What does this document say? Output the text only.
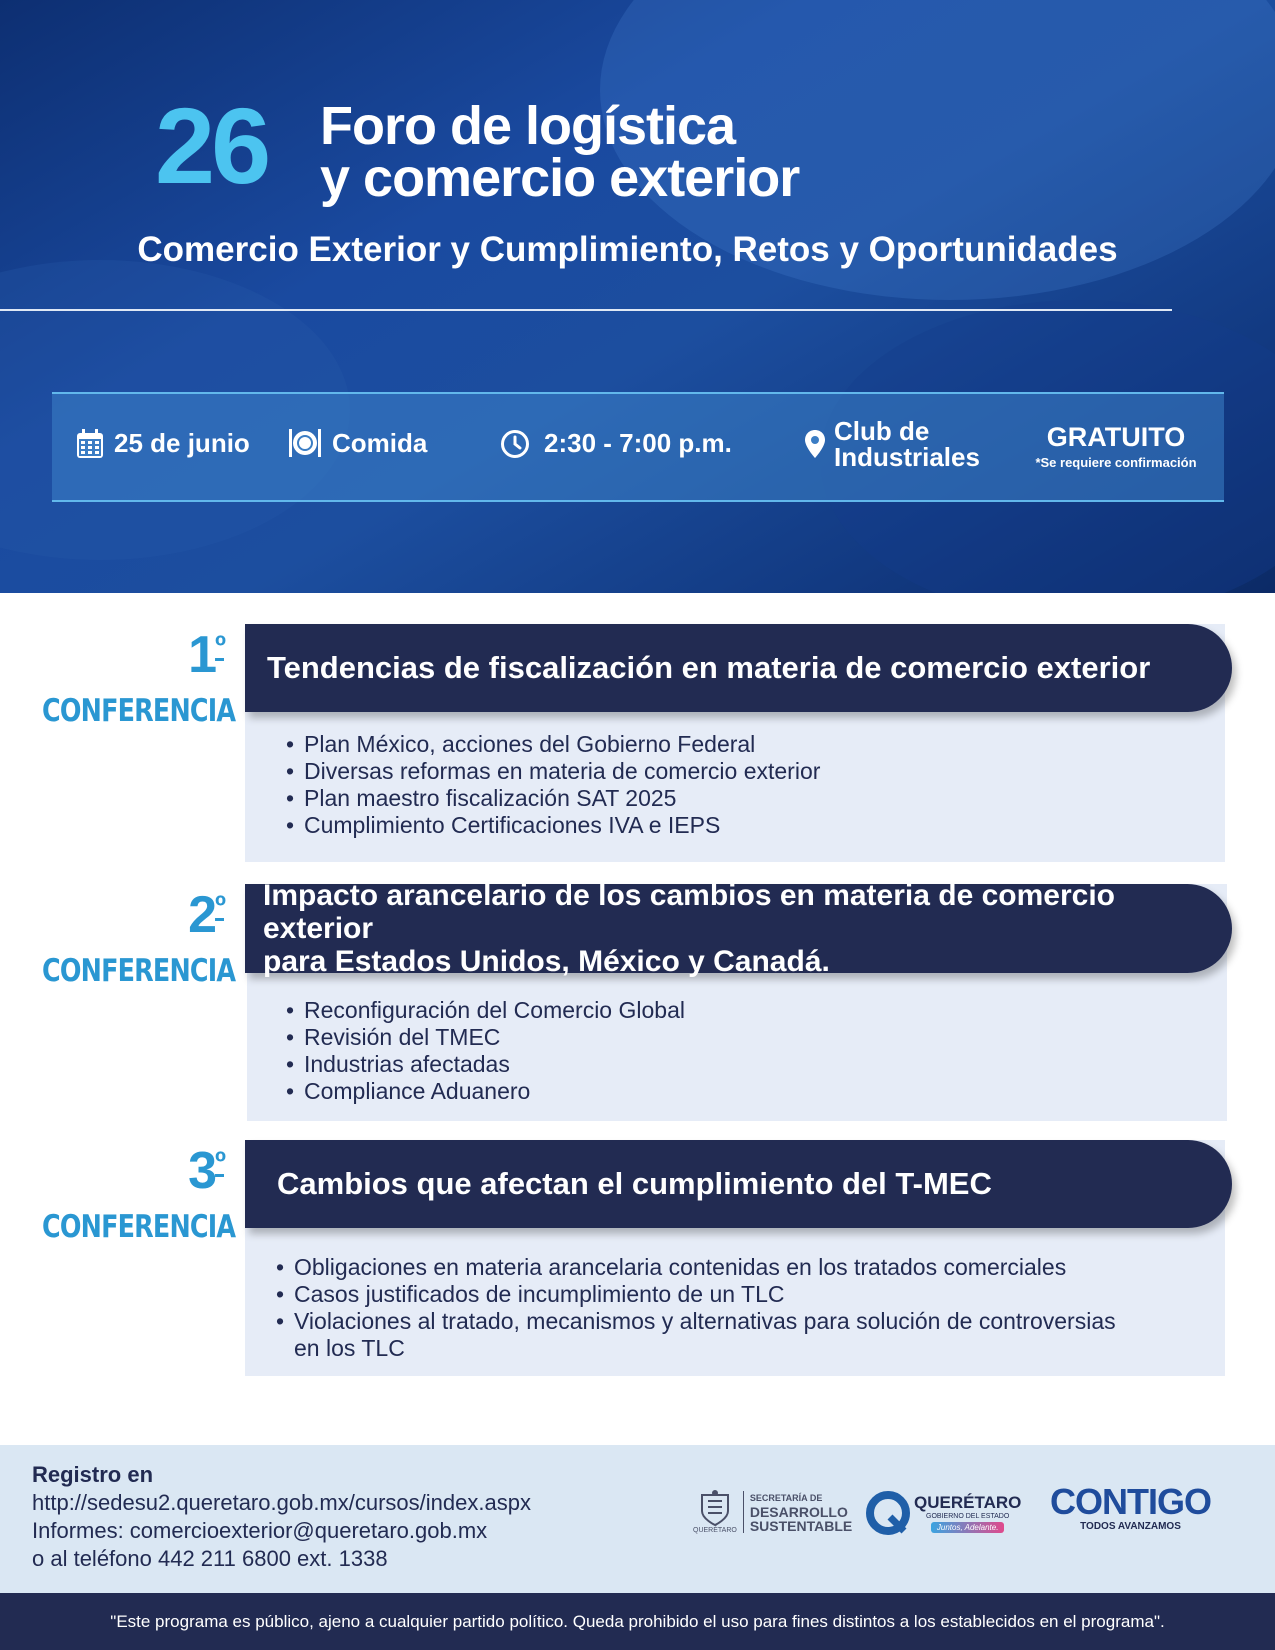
26 Foro de logística
y comercio exterior
Comercio Exterior y Cumplimiento, Retos y Oportunidades
25 de junio	Comida	2:30 - 7:00 p.m.	Club de
Industriales
GRATUITO
*Se requiere confirmación
$1^º$
CONFERENCIA
Tendencias de fiscalización en materia de comercio exterior
• Plan México, acciones del Gobierno Federal
• Diversas reformas en materia de comercio exterior
• Plan maestro fiscalización SAT 2025
• Cumplimiento Certificaciones IVA e IEPS
$2^º$
CONFERENCIA
Impacto arancelario de los cambios en materia de comercio exterior
para Estados Unidos, México y Canadá.
• Reconfiguración del Comercio Global
• Revisión del TMEC
• Industrias afectadas
• Compliance Aduanero
$3^º$
CONFERENCIA
Cambios que afectan el cumplimiento del T-MEC
• Obligaciones en materia arancelaria contenidas en los tratados comerciales
• Casos justificados de incumplimiento de un TLC
• Violaciones al tratado, mecanismos y alternativas para solución de controversias
en los TLC
Registro en
http://sedesu2.queretaro.gob.mx/cursos/index.aspx
Informes: comercioexterior@queretaro.gob.mx
o al teléfono 442 211 6800 ext. 1338
QUERÉTARO
SECRETARÍA DE
DESARROLLO
SUSTENTABLE
QUERÉTARO
GOBIERNO DEL ESTADO
Juntos, Adelante.
CONTIGO
TODOS AVANZAMOS
"Este programa es público, ajeno a cualquier partido político. Queda prohibido el uso para fines distintos a los establecidos en el programa".
